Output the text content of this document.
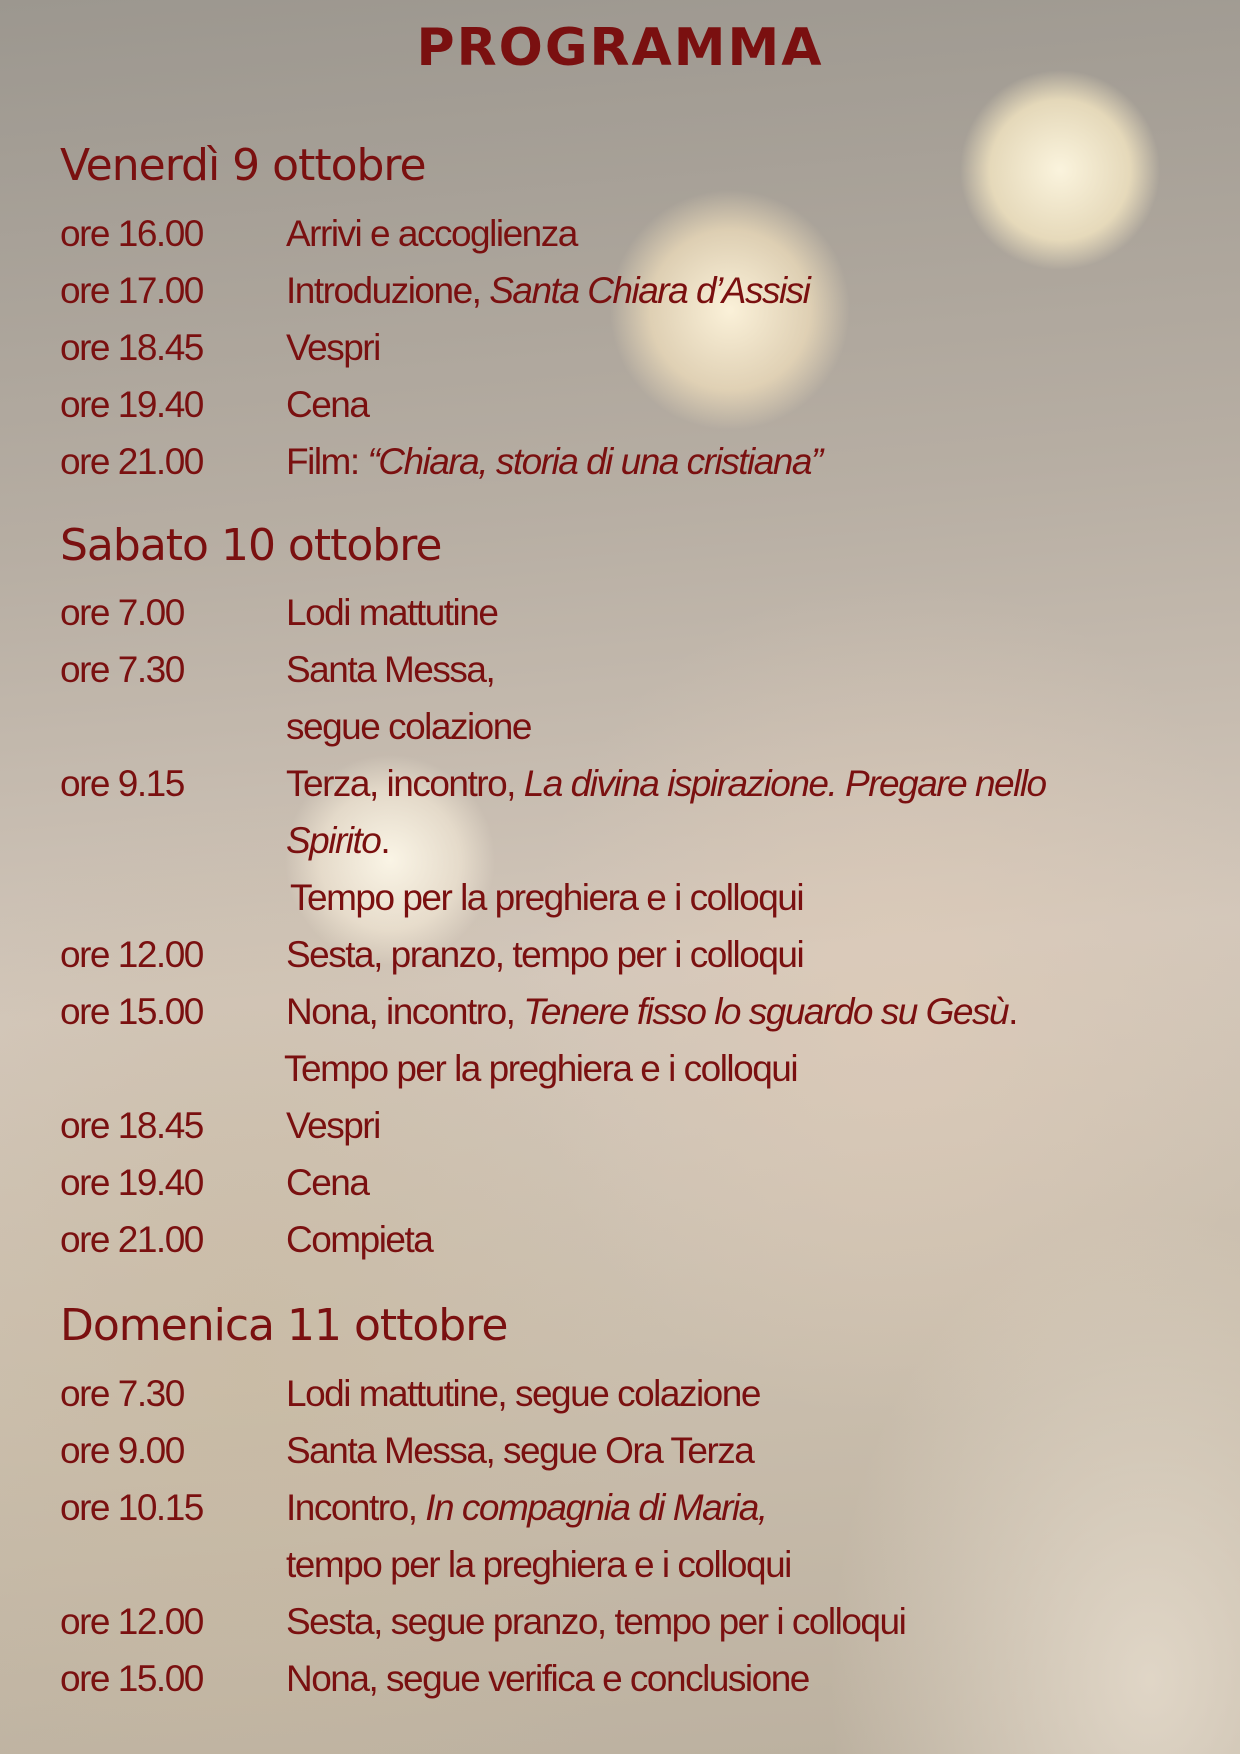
PROGRAMMA
Venerdì 9 ottobre
ore 16.00	Arrivi e accoglienza
ore 17.00	Introduzione, Santa Chiara d’Assisi
ore 18.45	Vespri
ore 19.40	Cena
ore 21.00	Film: “Chiara, storia di una cristiana”
Sabato 10 ottobre
ore 7.00	Lodi mattutine
ore 7.30	Santa Messa,
segue colazione
ore 9.15	Terza, incontro, La divina ispirazione. Pregare nello
Spirito.
Tempo per la preghiera e i colloqui
ore 12.00	Sesta, pranzo, tempo per i colloqui
ore 15.00	Nona, incontro, Tenere fisso lo sguardo su Gesù.
Tempo per la preghiera e i colloqui
ore 18.45	Vespri
ore 19.40	Cena
ore 21.00	Compieta
Domenica 11 ottobre
ore 7.30	Lodi mattutine, segue colazione
ore 9.00	Santa Messa, segue Ora Terza
ore 10.15	Incontro, In compagnia di Maria,
tempo per la preghiera e i colloqui
ore 12.00	Sesta, segue pranzo, tempo per i colloqui
ore 15.00	Nona, segue verifica e conclusione
